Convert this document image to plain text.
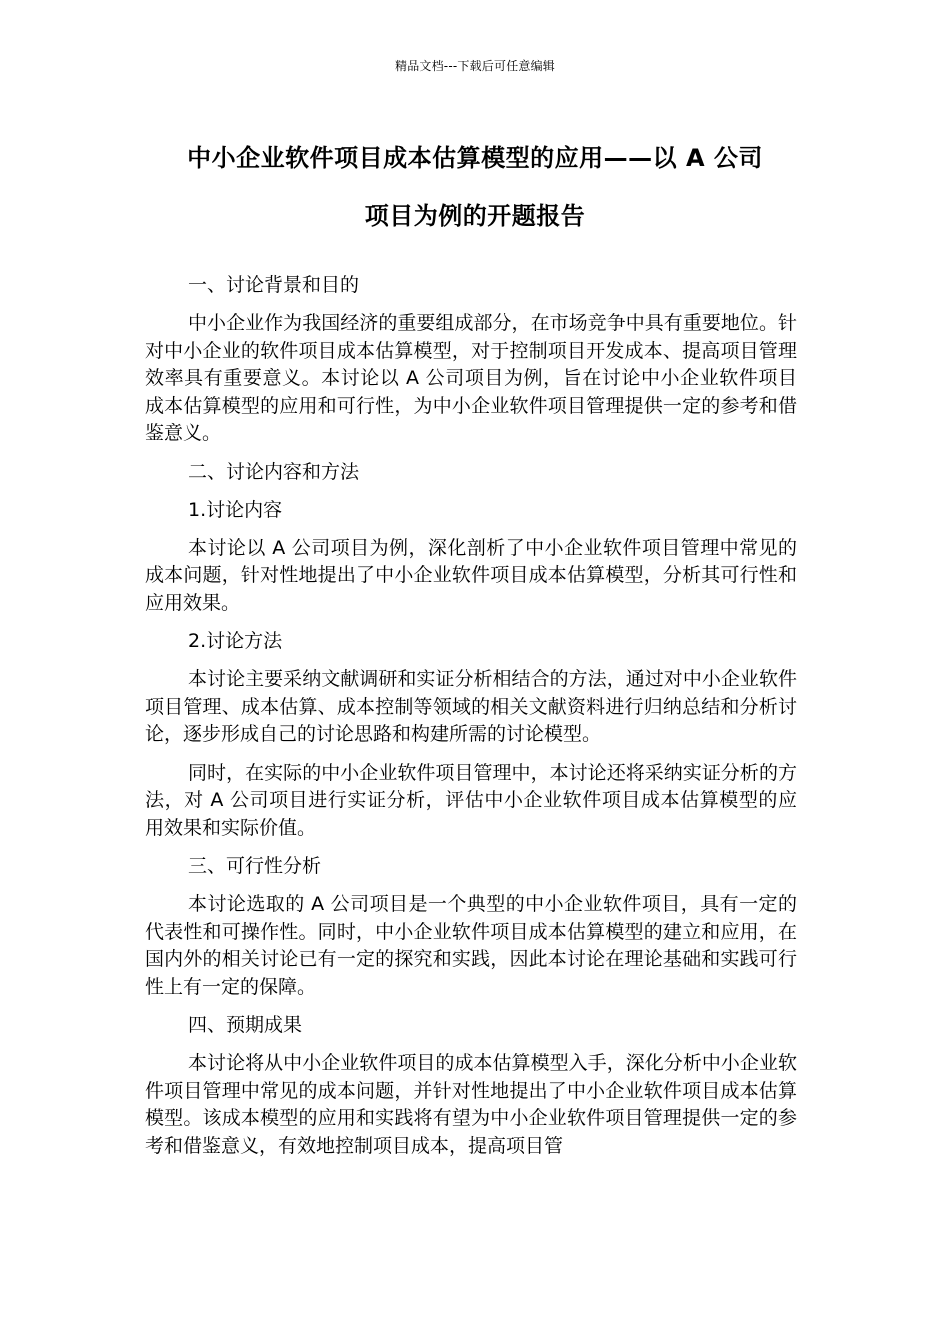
精品文档---下载后可任意编辑
中小企业软件项目成本估算模型的应用——以 A 公司
项目为例的开题报告

一、讨论背景和目的

中小企业作为我国经济的重要组成部分，在市场竞争中具有重要地位。针对中小企业的软件项目成本估算模型，对于控制项目开发成本、提高项目管理效率具有重要意义。本讨论以 A 公司项目为例，旨在讨论中小企业软件项目成本估算模型的应用和可行性，为中小企业软件项目管理提供一定的参考和借鉴意义。

二、讨论内容和方法

1.讨论内容

本讨论以 A 公司项目为例，深化剖析了中小企业软件项目管理中常见的成本问题，针对性地提出了中小企业软件项目成本估算模型，分析其可行性和应用效果。

2.讨论方法

本讨论主要采纳文献调研和实证分析相结合的方法，通过对中小企业软件项目管理、成本估算、成本控制等领域的相关文献资料进行归纳总结和分析讨论，逐步形成自己的讨论思路和构建所需的讨论模型。

同时，在实际的中小企业软件项目管理中，本讨论还将采纳实证分析的方法，对 A 公司项目进行实证分析，评估中小企业软件项目成本估算模型的应用效果和实际价值。

三、可行性分析

本讨论选取的 A 公司项目是一个典型的中小企业软件项目，具有一定的代表性和可操作性。同时，中小企业软件项目成本估算模型的建立和应用，在国内外的相关讨论已有一定的探究和实践，因此本讨论在理论基础和实践可行性上有一定的保障。

四、预期成果

本讨论将从中小企业软件项目的成本估算模型入手，深化分析中小企业软件项目管理中常见的成本问题，并针对性地提出了中小企业软件项目成本估算模型。该成本模型的应用和实践将有望为中小企业软件项目管理提供一定的参考和借鉴意义，有效地控制项目成本，提高项目管
